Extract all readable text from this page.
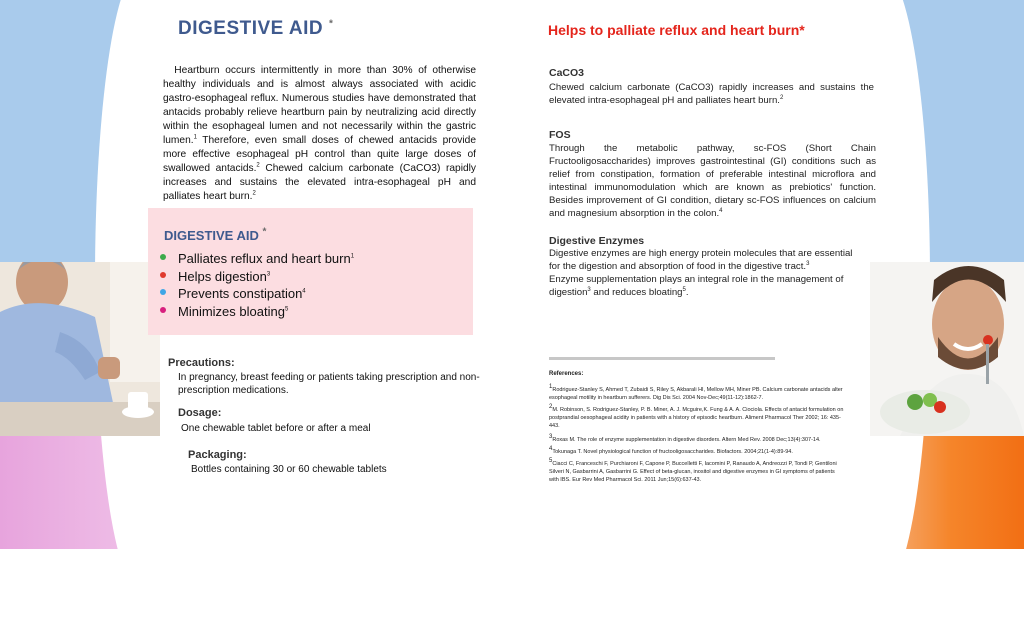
DIGESTIVE AID *
Heartburn occurs intermittently in more than 30% of otherwise healthy individuals and is almost always associated with acidic gastro-esophageal reflux. Numerous studies have demonstrated that antacids probably relieve heartburn pain by neutralizing acid directly within the esophageal lumen and not necessarily within the gastric lumen.$^1$ Therefore, even small doses of chewed antacids provide more effective esophageal pH control than quite large doses of swallowed antacids.$^2$ Chewed calcium carbonate (CaCO3) rapidly increases and sustains the elevated intra-esophageal pH and palliates heart burn.$^2$
DIGESTIVE AID *
Palliates reflux and heart burn$^1$
Helps digestion$^3$
Prevents constipation$^4$
Minimizes bloating$^5$
Precautions:
In pregnancy, breast feeding or patients taking prescription and non-prescription medications.
Dosage:
One chewable tablet before or after a meal
Packaging:
Bottles containing 30 or 60 chewable tablets
Helps to palliate reflux and heart burn*
CaCO3
Chewed calcium carbonate (CaCO3) rapidly increases and sustains the elevated intra-esophageal pH and palliates heart burn.$^2$
FOS
Through the metabolic pathway, sc-FOS (Short Chain Fructooligosaccharides) improves gastrointestinal (GI) conditions such as relief from constipation, formation of preferable intestinal microflora and intestinal immunomodulation which are known as prebiotics' function. Besides improvement of GI condition, dietary sc-FOS influences on calcium and magnesium absorption in the colon.$^4$
Digestive Enzymes
Digestive enzymes are high energy protein molecules that are essential for the digestion and absorption of food in the digestive tract.$^3$
Enzyme supplementation plays an integral role in the management of digestion$^3$ and reduces bloating$^5$.
References:
$^1$Rodriguez-Stanley S, Ahmed T, Zubaidi S, Riley S, Akbarali HI, Mellow MH, Miner PB. Calcium carbonate antacids alter esophageal motility in heartburn sufferers. Dig Dis Sci. 2004 Nov-Dec;49(11-12):1862-7.
$^2$M. Robinson, S. Rodriguez-Stanley, P. B. Miner, A. J. Mcguire,K. Fung & A. A. Ciociola. Effects of antacid formulation on postprandial oesophageal acidity in patients with a history of episodic heartburn. Aliment Pharmacol Ther 2002; 16: 435-443.
$^3$Roxas M. The role of enzyme supplementation in digestive disorders. Altern Med Rev. 2008 Dec;13(4):307-14.
$^4$Tokunaga T. Novel physiological function of fructooligosaccharides. Biofactors. 2004;21(1-4):89-94.
$^5$Ciacci C, Franceschi F, Purchiaroni F, Capone P, Buccelletti F, Iacomini P, Ranaudo A, Andreozzi P, Tondi P, Gentiloni Silveri N, Gasbarrini A, Gasbarrini G. Effect of beta-glucan, inositol and digestive enzymes in GI symptoms of patients with IBS. Eur Rev Med Pharmacol Sci. 2011 Jun;15(6):637-43.
